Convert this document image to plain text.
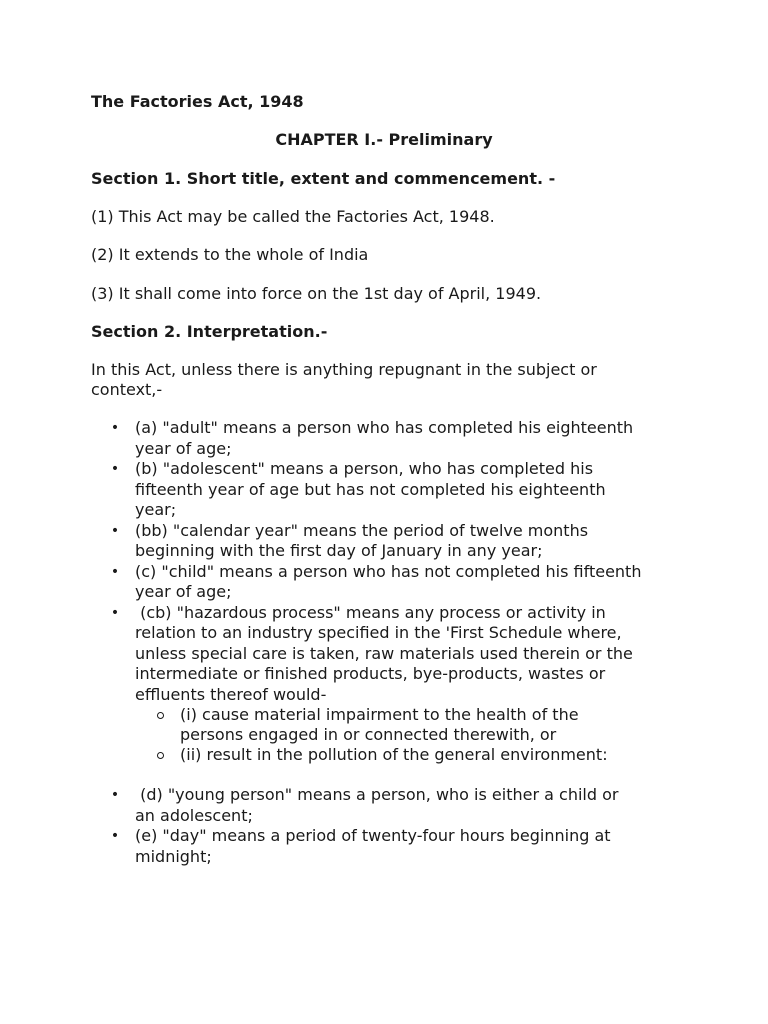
The Factories Act, 1948
CHAPTER I.- Preliminary
Section 1. Short title, extent and commencement. -
(1) This Act may be called the Factories Act, 1948.
(2) It extends to the whole of India
(3) It shall come into force on the 1st day of April, 1949.
Section 2. Interpretation.-
In this Act, unless there is anything repugnant in the subject or
context,-
• (a) "adult" means a person who has completed his eighteenth
year of age;
• (b) "adolescent" means a person, who has completed his
fifteenth year of age but has not completed his eighteenth
year;
• (bb) "calendar year" means the period of twelve months
beginning with the first day of January in any year;
• (c) "child" means a person who has not completed his fifteenth
year of age;
• (cb) "hazardous process" means any process or activity in
relation to an industry specified in the 'First Schedule where,
unless special care is taken, raw materials used therein or the
intermediate or finished products, bye-products, wastes or
effluents thereof would-
(i) cause material impairment to the health of the
persons engaged in or connected therewith, or
(ii) result in the pollution of the general environment:
• (d) "young person" means a person, who is either a child or
an adolescent;
• (e) "day" means a period of twenty-four hours beginning at
midnight;
